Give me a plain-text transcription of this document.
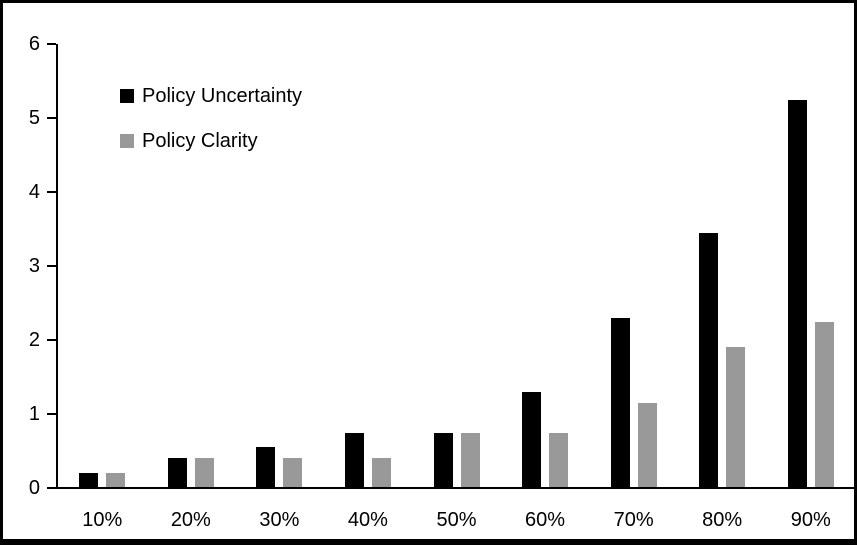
Policy Uncertainty
Policy Clarity
0
1
2
3
4
5
6
10%	20%	30%	40%	50%	60%	70%	80%	90%
